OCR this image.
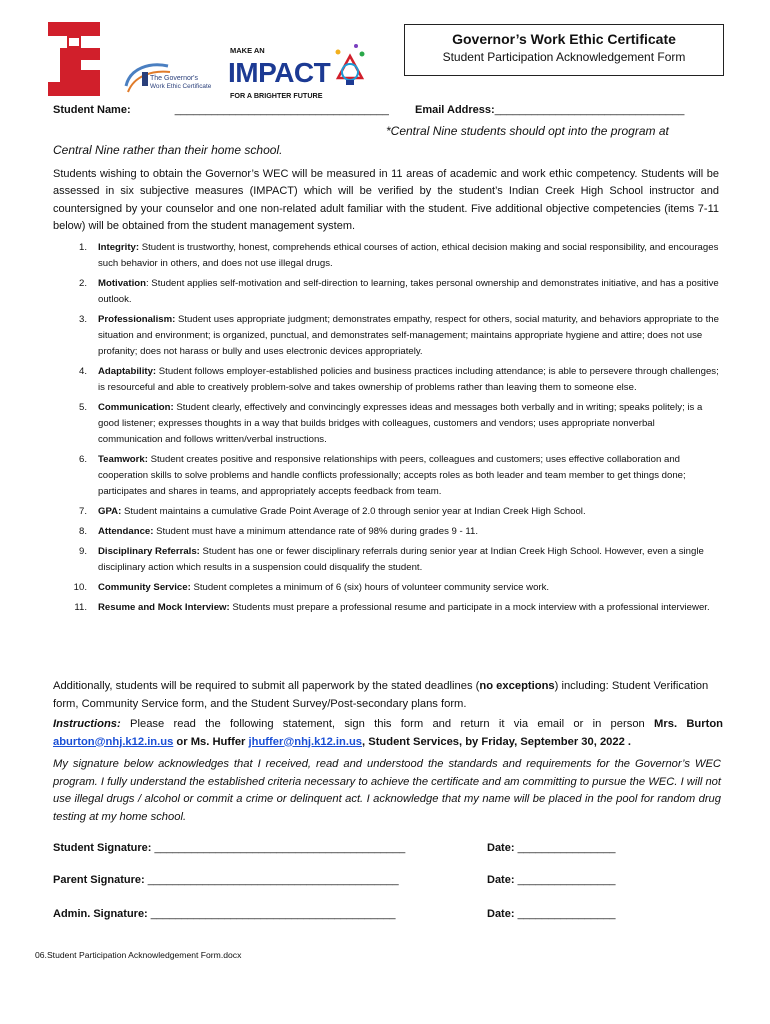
The Governor's
Work Ethic Certificate
MAKE AN
IMPACT
FOR A BRIGHTER FUTURE
Governor’s Work Ethic Certificate
Student Participation Acknowledgement Form
Student Name:	___________________________________ Email Address:_______________________________
*Central Nine students should opt into the program at
Central Nine rather than their home school.
Students wishing to obtain the Governor’s WEC will be measured in 11 areas of academic and work ethic competency. Students will be assessed in six subjective measures (IMPACT) which will be verified by the student’s Indian Creek High School instructor and countersigned by your counselor and one non-related adult familiar with the student. Five additional objective competencies (items 7-11 below) will be obtained from the student management system.
1.	Integrity: Student is trustworthy, honest, comprehends ethical courses of action, ethical decision making and social responsibility, and encourages such behavior in others, and does not use illegal drugs.
2.	Motivation: Student applies self-motivation and self-direction to learning, takes personal ownership and demonstrates initiative, and has a positive outlook.
3.	Professionalism: Student uses appropriate judgment; demonstrates empathy, respect for others, social maturity, and behaviors appropriate to the situation and environment; is organized, punctual, and demonstrates self-management; maintains appropriate hygiene and attire; does not use profanity; does not harass or bully and uses electronic devices appropriately.
4.	Adaptability: Student follows employer-established policies and business practices including attendance; is able to persevere through challenges; is resourceful and able to creatively problem-solve and takes ownership of problems rather than leaving them to someone else.
5.	Communication: Student clearly, effectively and convincingly expresses ideas and messages both verbally and in writing; speaks politely; is a good listener; expresses thoughts in a way that builds bridges with colleagues, customers and vendors; uses appropriate nonverbal communication and follows written/verbal instructions.
6.	Teamwork: Student creates positive and responsive relationships with peers, colleagues and customers; uses effective collaboration and cooperation skills to solve problems and handle conflicts professionally; accepts roles as both leader and team member to get things done; participates and shares in teams, and appropriately accepts feedback from team.
7.	GPA: Student maintains a cumulative Grade Point Average of 2.0 through senior year at Indian Creek High School.
8.	Attendance: Student must have a minimum attendance rate of 98% during grades 9 - 11.
9.	Disciplinary Referrals: Student has one or fewer disciplinary referrals during senior year at Indian Creek High School. However, even a single disciplinary action which results in a suspension could disqualify the student.
10.	Community Service: Student completes a minimum of 6 (six) hours of volunteer community service work.
11.	Resume and Mock Interview: Students must prepare a professional resume and participate in a mock interview with a professional interviewer.
Additionally, students will be required to submit all paperwork by the stated deadlines (no exceptions) including: Student Verification form, Community Service form, and the Student Survey/Post-secondary plans form.
Instructions: Please read the following statement, sign this form and return it via email or in person Mrs. Burton aburton@nhj.k12.in.us or Ms. Huffer jhuffer@nhj.k12.in.us, Student Services, by Friday, September 30, 2022 .
My signature below acknowledges that I received, read and understood the standards and requirements for the Governor’s WEC program. I fully understand the established criteria necessary to achieve the certificate and am committing to pursue the WEC. I will not use illegal drugs / alcohol or commit a crime or delinquent act. I acknowledge that my name will be placed in the pool for random drug testing at my home school.
Student Signature: _________________________________________	Date: ________________
Parent Signature: _________________________________________	Date: ________________
Admin. Signature: ________________________________________	Date: ________________
06.Student Participation Acknowledgement Form.docx
